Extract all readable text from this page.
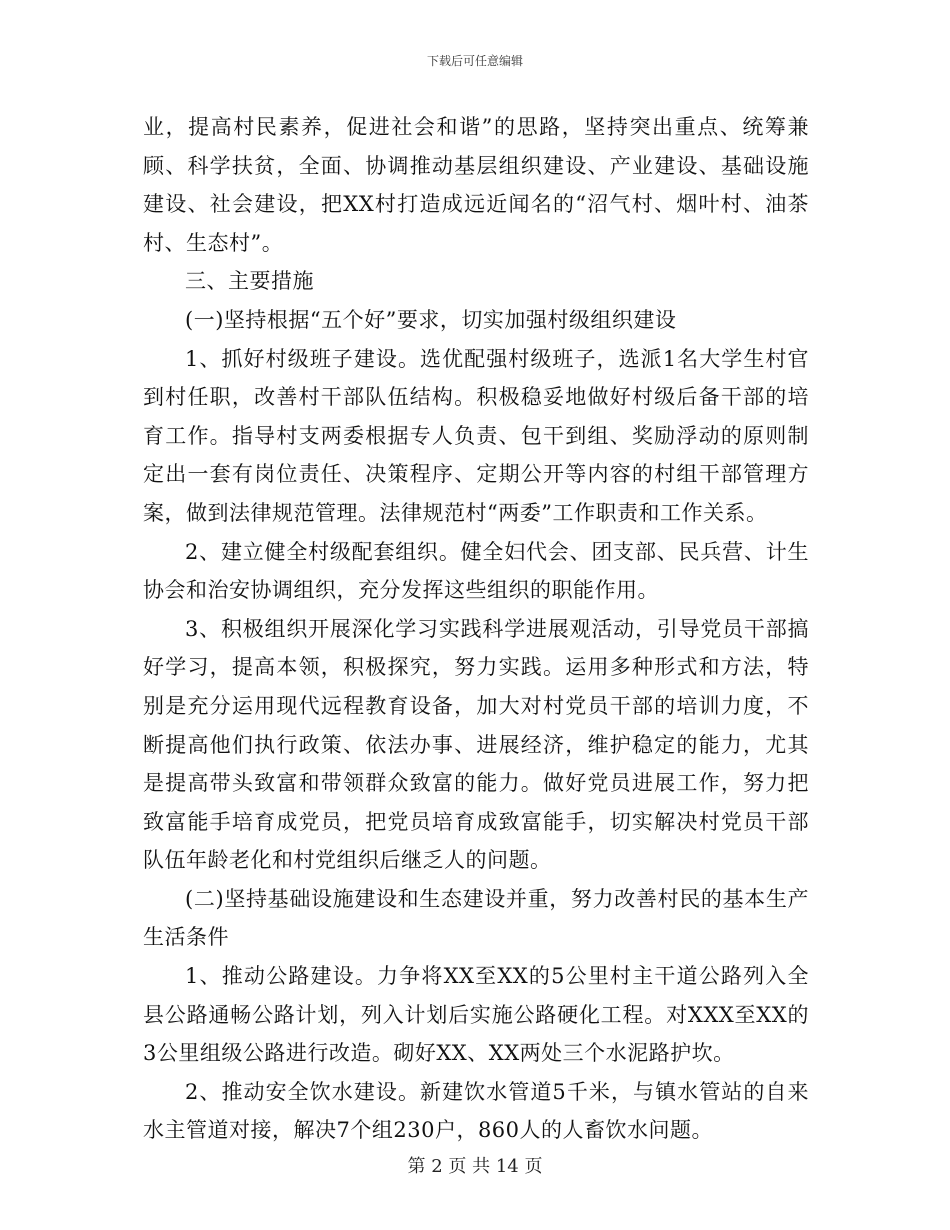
下载后可任意编辑

业，提高村民素养，促进社会和谐”的思路，坚持突出重点、统筹兼顾、科学扶贫，全面、协调推动基层组织建设、产业建设、基础设施建设、社会建设，把XX村打造成远近闻名的“沼气村、烟叶村、油茶村、生态村”。

三、主要措施

(一)坚持根据“五个好”要求，切实加强村级组织建设

1、抓好村级班子建设。选优配强村级班子，选派1名大学生村官到村任职，改善村干部队伍结构。积极稳妥地做好村级后备干部的培育工作。指导村支两委根据专人负责、包干到组、奖励浮动的原则制定出一套有岗位责任、决策程序、定期公开等内容的村组干部管理方案，做到法律规范管理。法律规范村“两委”工作职责和工作关系。

2、建立健全村级配套组织。健全妇代会、团支部、民兵营、计生协会和治安协调组织，充分发挥这些组织的职能作用。

3、积极组织开展深化学习实践科学进展观活动，引导党员干部搞好学习，提高本领，积极探究，努力实践。运用多种形式和方法，特别是充分运用现代远程教育设备，加大对村党员干部的培训力度，不断提高他们执行政策、依法办事、进展经济，维护稳定的能力，尤其是提高带头致富和带领群众致富的能力。做好党员进展工作，努力把致富能手培育成党员，把党员培育成致富能手，切实解决村党员干部队伍年龄老化和村党组织后继乏人的问题。

(二)坚持基础设施建设和生态建设并重，努力改善村民的基本生产生活条件

1、推动公路建设。力争将XX至XX的5公里村主干道公路列入全县公路通畅公路计划，列入计划后实施公路硬化工程。对XXX至XX的3公里组级公路进行改造。砌好XX、XX两处三个水泥路护坎。

2、推动安全饮水建设。新建饮水管道5千米，与镇水管站的自来水主管道对接，解决7个组230户，860人的人畜饮水问题。

第 2 页 共 14 页
